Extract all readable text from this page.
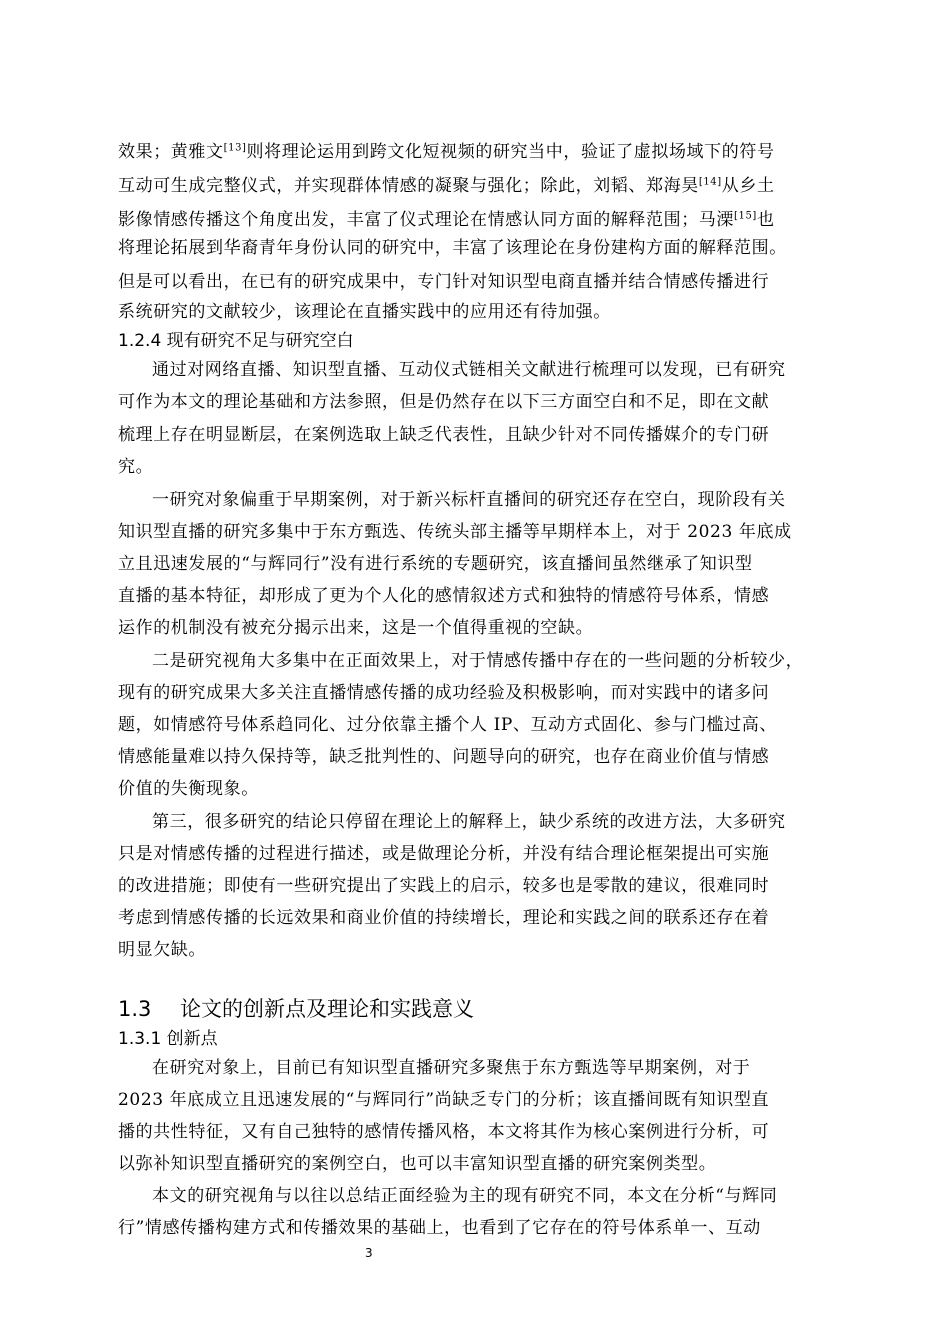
效果；黄雅文[13]则将理论运用到跨文化短视频的研究当中，验证了虚拟场域下的符号
互动可生成完整仪式，并实现群体情感的凝聚与强化；除此，刘韬、郑海昊[14]从乡土
影像情感传播这个角度出发，丰富了仪式理论在情感认同方面的解释范围；马溧[15]也
将理论拓展到华裔青年身份认同的研究中，丰富了该理论在身份建构方面的解释范围。
但是可以看出，在已有的研究成果中，专门针对知识型电商直播并结合情感传播进行
系统研究的文献较少，该理论在直播实践中的应用还有待加强。
1.2.4 现有研究不足与研究空白
通过对网络直播、知识型直播、互动仪式链相关文献进行梳理可以发现，已有研究
可作为本文的理论基础和方法参照，但是仍然存在以下三方面空白和不足，即在文献
梳理上存在明显断层，在案例选取上缺乏代表性，且缺少针对不同传播媒介的专门研
究。
一研究对象偏重于早期案例，对于新兴标杆直播间的研究还存在空白，现阶段有关
知识型直播的研究多集中于东方甄选、传统头部主播等早期样本上，对于 2023 年底成
立且迅速发展的“与辉同行”没有进行系统的专题研究，该直播间虽然继承了知识型
直播的基本特征，却形成了更为个人化的感情叙述方式和独特的情感符号体系，情感
运作的机制没有被充分揭示出来，这是一个值得重视的空缺。
二是研究视角大多集中在正面效果上，对于情感传播中存在的一些问题的分析较少，
现有的研究成果大多关注直播情感传播的成功经验及积极影响，而对实践中的诸多问
题，如情感符号体系趋同化、过分依靠主播个人 IP、互动方式固化、参与门槛过高、
情感能量难以持久保持等，缺乏批判性的、问题导向的研究，也存在商业价值与情感
价值的失衡现象。
第三，很多研究的结论只停留在理论上的解释上，缺少系统的改进方法，大多研究
只是对情感传播的过程进行描述，或是做理论分析，并没有结合理论框架提出可实施
的改进措施；即使有一些研究提出了实践上的启示，较多也是零散的建议，很难同时
考虑到情感传播的长远效果和商业价值的持续增长，理论和实践之间的联系还存在着
明显欠缺。
1.3 论文的创新点及理论和实践意义
1.3.1 创新点
在研究对象上，目前已有知识型直播研究多聚焦于东方甄选等早期案例，对于
2023 年底成立且迅速发展的“与辉同行”尚缺乏专门的分析；该直播间既有知识型直
播的共性特征，又有自己独特的感情传播风格，本文将其作为核心案例进行分析，可
以弥补知识型直播研究的案例空白，也可以丰富知识型直播的研究案例类型。
本文的研究视角与以往以总结正面经验为主的现有研究不同，本文在分析“与辉同
行”情感传播构建方式和传播效果的基础上，也看到了它存在的符号体系单一、互动
3
